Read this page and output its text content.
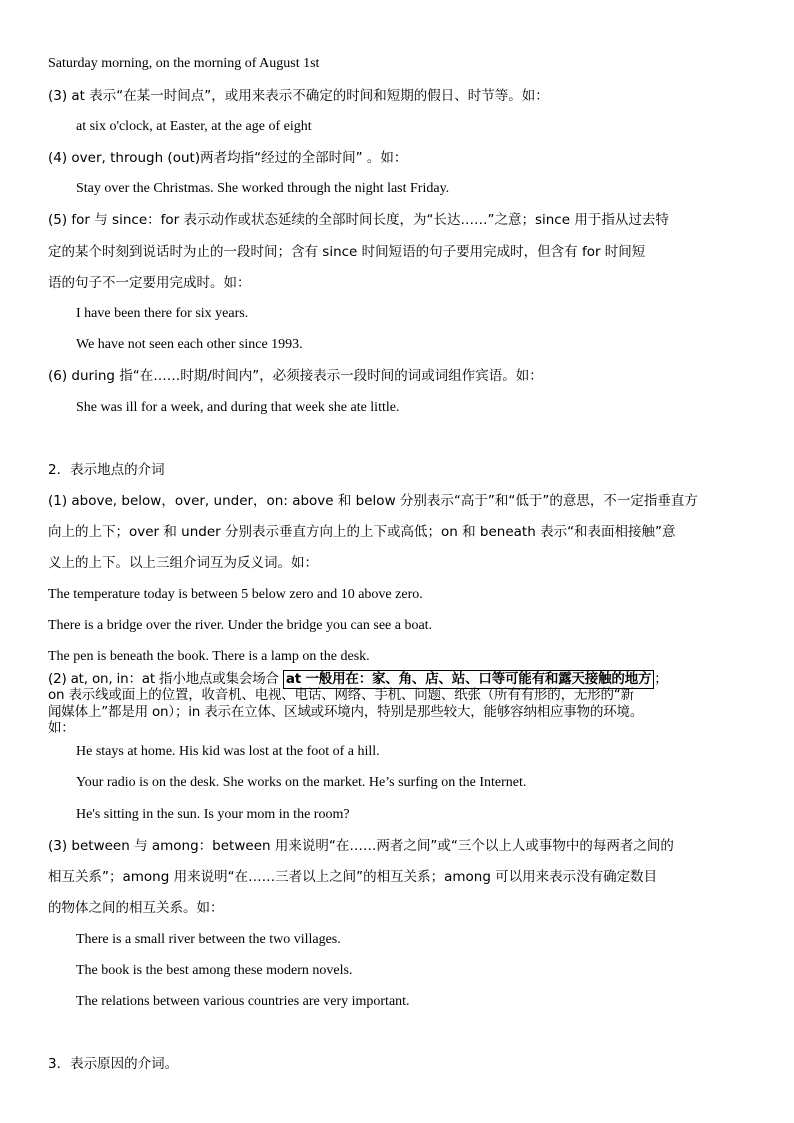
Saturday morning, on the morning of August 1st
(3) at 表示“在某一时间点”，或用来表示不确定的时间和短期的假日、时节等。如：
at six o'clock, at Easter, at the age of eight
(4) over, through (out)两者均指“经过的全部时间” 。如：
Stay over the Christmas. She worked through the night last Friday.
(5) for 与 since：for 表示动作或状态延续的全部时间长度，为“长达……”之意；since 用于指从过去特
定的某个时刻到说话时为止的一段时间；含有 since 时间短语的句子要用完成时，但含有 for 时间短
语的句子不一定要用完成时。如：
I have been there for six years.
We have not seen each other since 1993.
(6) during 指“在……时期/时间内”，必须接表示一段时间的词或词组作宾语。如：
She was ill for a week, and during that week she ate little.
2．表示地点的介词
(1) above, below，over, under，on: above 和 below 分别表示“高于”和“低于”的意思，不一定指垂直方
向上的上下；over 和 under 分别表示垂直方向上的上下或高低；on 和 beneath 表示“和表面相接触”意
义上的上下。以上三组介词互为反义词。如：
The temperature today is between 5 below zero and 10 above zero.
There is a bridge over the river. Under the bridge you can see a boat.
The pen is beneath the book. There is a lamp on the desk.
(2) at, on, in：at 指小地点或集会场合 at 一般用在：家、角、店、站、口等可能有和露天接触的地方 ；
on 表示线或面上的位置，收音机、电视、电话、网络、手机、问题、纸张（所有有形的，无形的“新
闻媒体上”都是用 on）；in 表示在立体、区域或环境内，特别是那些较大，能够容纳相应事物的环境。
如：
He stays at home. His kid was lost at the foot of a hill.
Your radio is on the desk. She works on the market. He’s surfing on the Internet.
He's sitting in the sun. Is your mom in the room?
(3) between 与 among：between 用来说明“在……两者之间”或“三个以上人或事物中的每两者之间的
相互关系”；among 用来说明“在……三者以上之间”的相互关系；among 可以用来表示没有确定数目
的物体之间的相互关系。如：
There is a small river between the two villages.
The book is the best among these modern novels.
The relations between various countries are very important.
3．表示原因的介词。
